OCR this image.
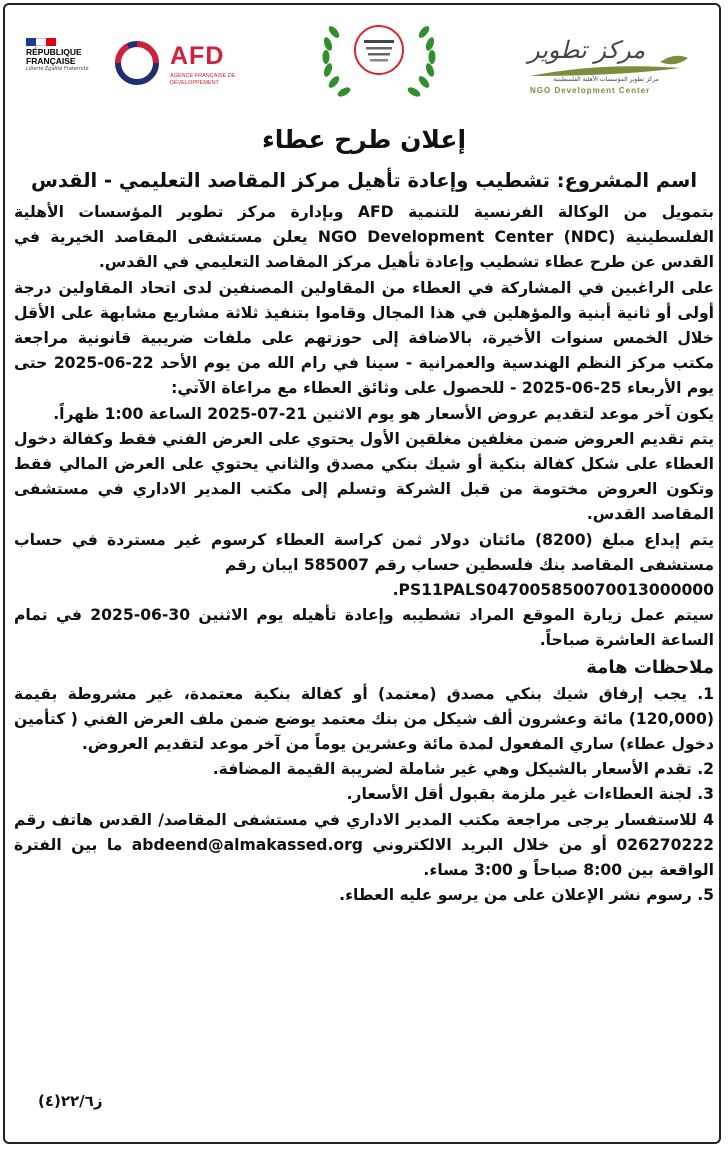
RÉPUBLIQUE
FRANÇAISE
Liberté Égalité Fraternité	AFD
AGENCE FRANÇAISE DE DÉVELOPPEMENT
مركز تطوير
مركز تطوير المؤسسات الأهلية الفلسطينية
NGO Development Center
إعلان طرح عطاء
اسم المشروع: تشطيب وإعادة تأهيل مركز المقاصد التعليمي - القدس

بتمويل من الوكالة الفرنسية للتنمية AFD وبإدارة مركز تطوير المؤسسات الأهلية الفلسطينية NGO Development Center (NDC) يعلن مستشفى المقاصد الخيرية في القدس عن طرح عطاء تشطيب وإعادة تأهيل مركز المقاصد التعليمي في القدس.

على الراغبين في المشاركة في العطاء من المقاولين المصنفين لدى اتحاد المقاولين درجة أولى أو ثانية أبنية والمؤهلين في هذا المجال وقاموا بتنفيذ ثلاثة مشاريع مشابهة على الأقل خلال الخمس سنوات الأخيرة، بالاضافة إلى حوزتهم على ملفات ضريبية قانونية مراجعة مكتب مركز النظم الهندسية والعمرانية - سينا في رام الله من يوم الأحد 22-06-2025 حتى يوم الأربعاء 25-06-2025 - للحصول على وثائق العطاء مع مراعاة الآتي:

يكون آخر موعد لتقديم عروض الأسعار هو يوم الاثنين 21-07-2025 الساعة 1:00 ظهراً.

يتم تقديم العروض ضمن مغلفين مغلقين الأول يحتوي على العرض الفني فقط وكفالة دخول العطاء على شكل كفالة بنكية أو شيك بنكي مصدق والثاني يحتوي على العرض المالي فقط وتكون العروض مختومة من قبل الشركة وتسلم إلى مكتب المدير الاداري في مستشفى المقاصد القدس.

يتم إيداع مبلغ (8200) مائتان دولار ثمن كراسة العطاء كرسوم غير مستردة في حساب مستشفى المقاصد بنك فلسطين حساب رقم 585007 ايبان رقم

PS11PALS047005850070013000000.

سيتم عمل زيارة الموقع المراد تشطيبه وإعادة تأهيله يوم الاثنين 30-06-2025 في تمام الساعة العاشرة صباحاً.

ملاحظات هامة

1. يجب إرفاق شيك بنكي مصدق (معتمد) أو كفالة بنكية معتمدة، غير مشروطة بقيمة (120,000) مائة وعشرون ألف شيكل من بنك معتمد يوضع ضمن ملف العرض الفني ( كتأمين دخول عطاء) ساري المفعول لمدة مائة وعشرين يوماً من آخر موعد لتقديم العروض.

2. تقدم الأسعار بالشيكل وهي غير شاملة لضريبة القيمة المضافة.

3. لجنة العطاءات غير ملزمة بقبول أقل الأسعار.

4 للاستفسار يرجى مراجعة مكتب المدير الاداري في مستشفى المقاصد/ القدس هاتف رقم 026270222 أو من خلال البريد الالكتروني abdeend@almakassed.org ما بين الفترة الواقعة بين 8:00 صباحاً و 3:00 مساء.

5. رسوم نشر الإعلان على من يرسو عليه العطاء.

ز٢٢/٦(٤)
